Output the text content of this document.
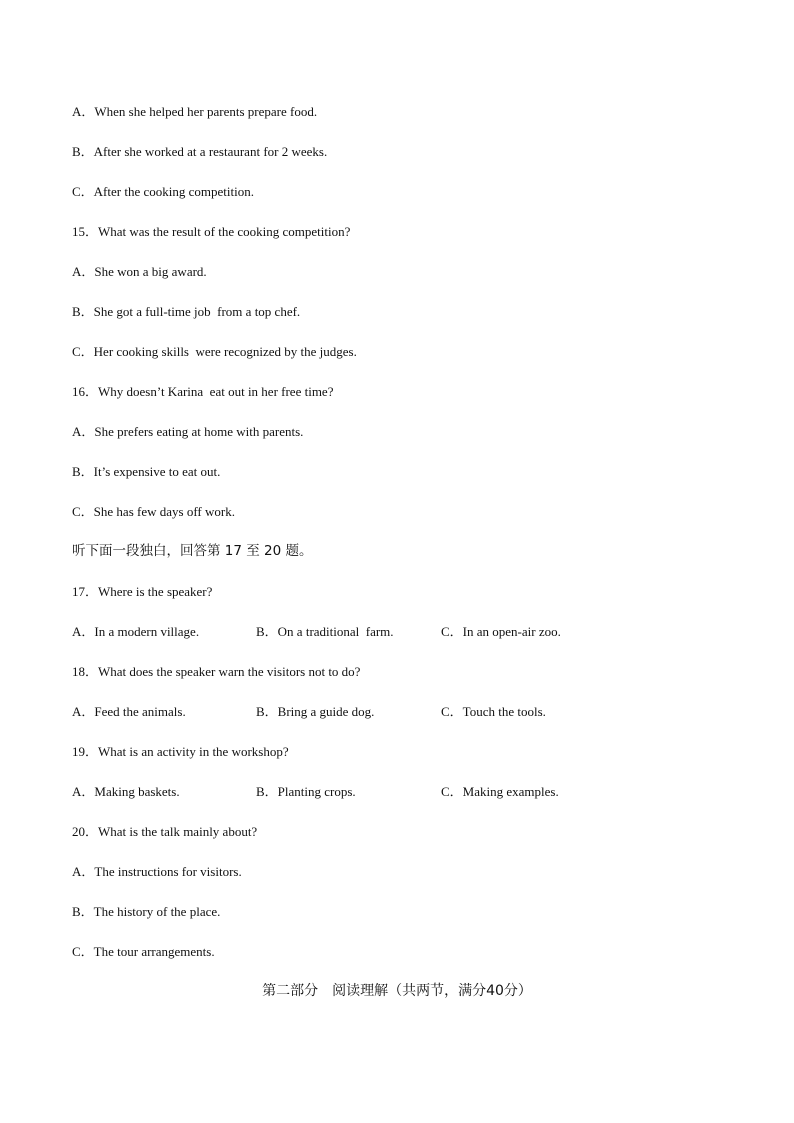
A．When she helped her parents prepare food.
B．After she worked at a restaurant for 2 weeks.
C．After the cooking competition.
15．What was the result of the cooking competition?
A．She won a big award.
B．She got a full-time job  from a top chef.
C．Her cooking skills  were recognized by the judges.
16．Why doesn’t Karina  eat out in her free time?
A．She prefers eating at home with parents.
B．It’s expensive to eat out.
C．She has few days off work.
听下面一段独白，回答第 17 至 20 题。
17．Where is the speaker?
A．In a modern village.	B．On a traditional  farm.	C．In an open-air zoo.
18．What does the speaker warn the visitors not to do?
A．Feed the animals.	B．Bring a guide dog.	C．Touch the tools.
19．What is an activity in the workshop?
A．Making baskets.	B．Planting crops.	C．Making examples.
20．What is the talk mainly about?
A．The instructions for visitors.
B．The history of the place.
C．The tour arrangements.
第二部分　阅读理解（共两节，满分40分）
